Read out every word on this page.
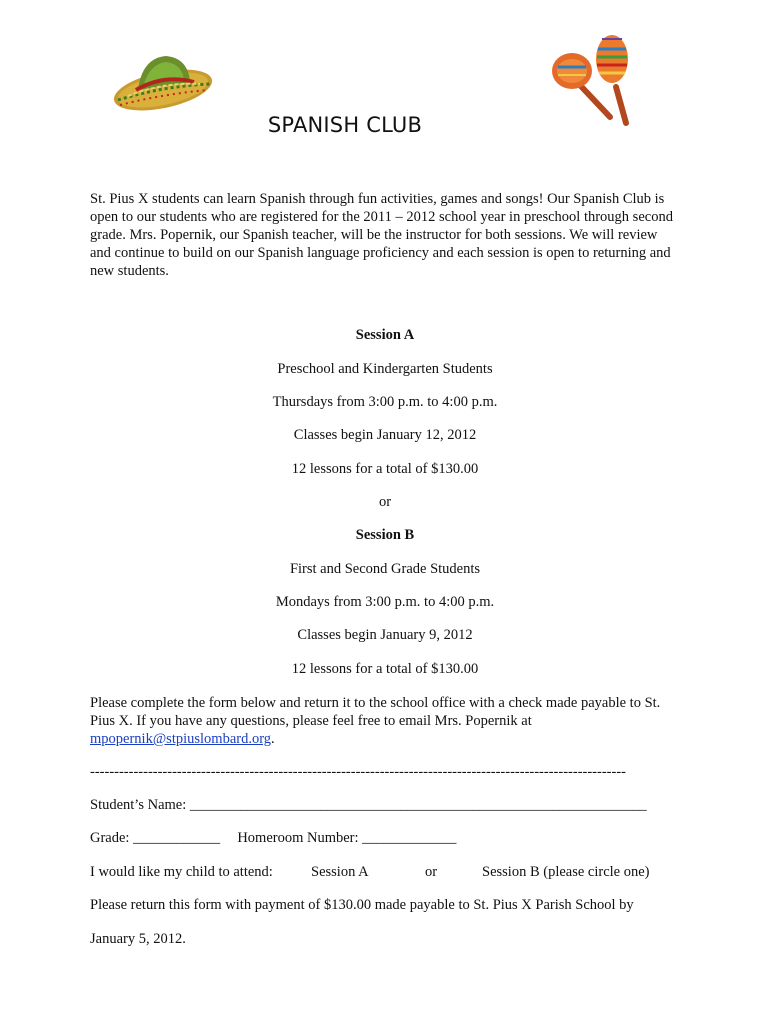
SPANISH CLUB
St. Pius X students can learn Spanish through fun activities, games and songs! Our Spanish Club is open to our students who are registered for the 2011 – 2012 school year in preschool through second grade. Mrs. Popernik, our Spanish teacher, will be the instructor for both sessions. We will review and continue to build on our Spanish language proficiency and each session is open to returning and new students.
Session A
Preschool and Kindergarten Students
Thursdays from 3:00 p.m. to 4:00 p.m.
Classes begin January 12, 2012
12 lessons for a total of $130.00
or
Session B
First and Second Grade Students
Mondays from 3:00 p.m. to 4:00 p.m.
Classes begin January 9, 2012
12 lessons for a total of $130.00
Please complete the form below and return it to the school office with a check made payable to St. Pius X. If you have any questions, please feel free to email Mrs. Popernik at mpopernik@stpiuslombard.org.
---------------------------------------------------------------------------------------------------------------
Student’s Name: _______________________________________________________________
Grade: ____________ Homeroom Number: _____________
I would like my child to attend:	Session A	or	Session B (please circle one)
Please return this form with payment of $130.00 made payable to St. Pius X Parish School by
January 5, 2012.
